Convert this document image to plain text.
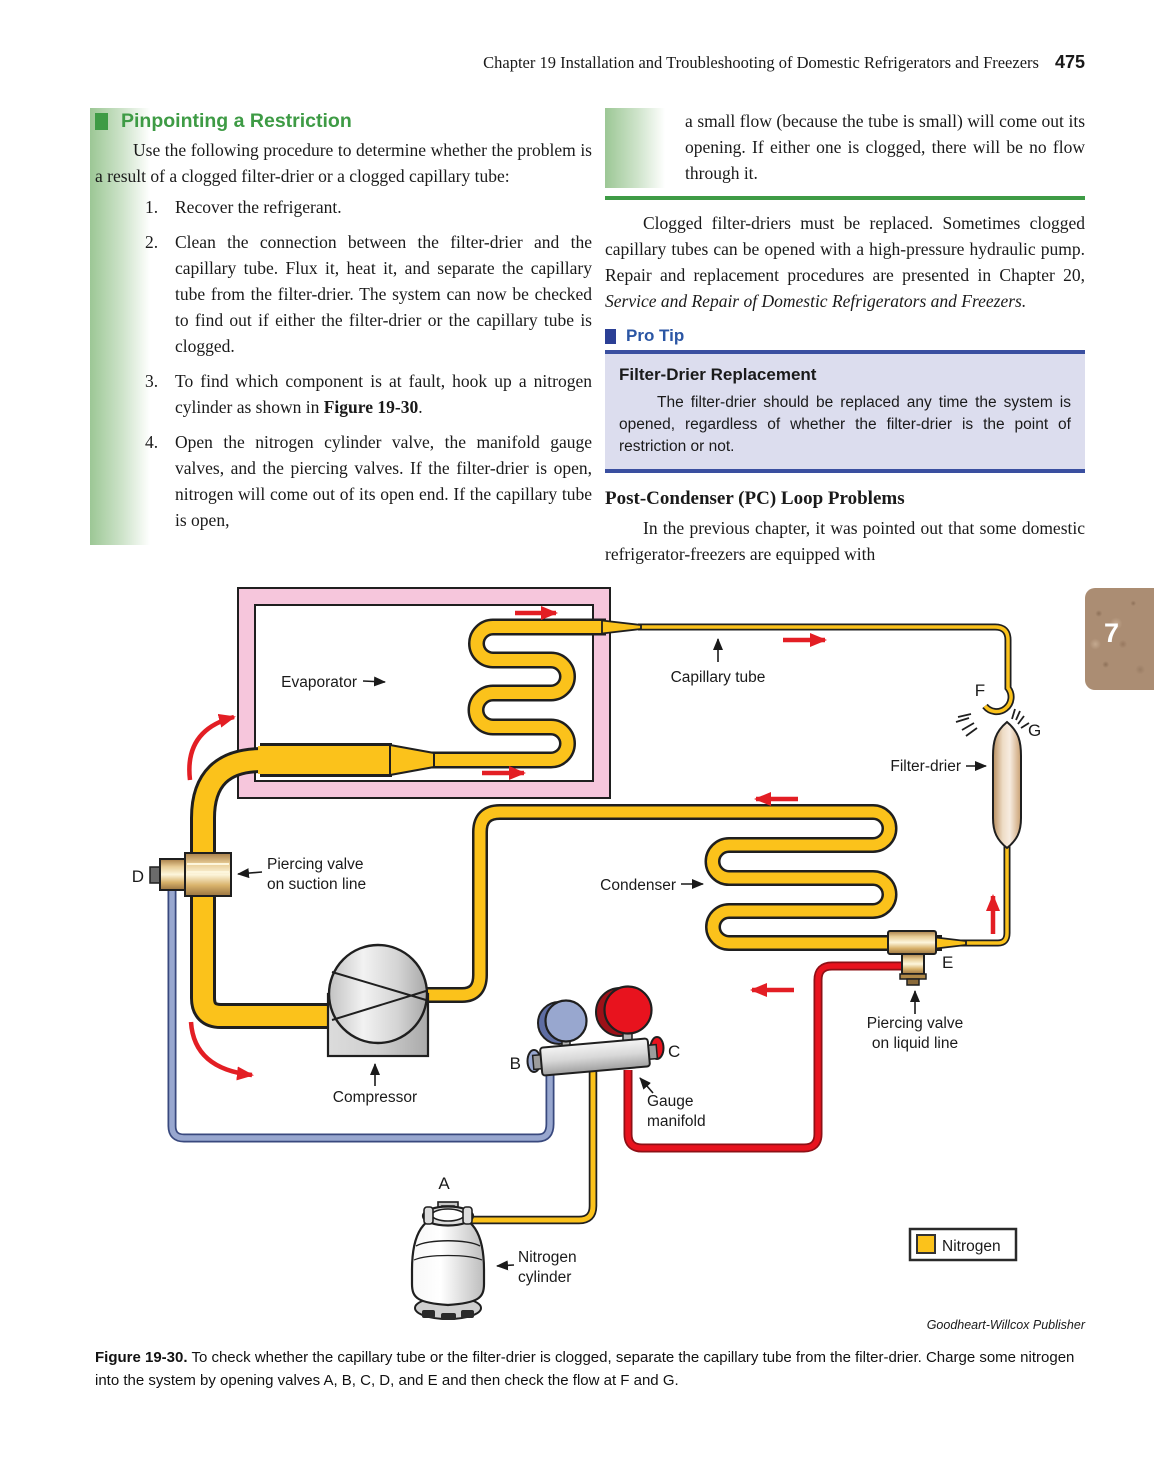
Chapter 19 Installation and Troubleshooting of Domestic Refrigerators and Freezers 475
Pinpointing a Restriction

Use the following procedure to determine whether the problem is a result of a clogged filter-drier or a clogged capillary tube:

1. Recover the refrigerant.
2. Clean the connection between the filter-drier and the capillary tube. Flux it, heat it, and separate the capillary tube from the filter-drier. The system can now be checked to find out if either the filter-drier or the capillary tube is clogged.
3. To find which component is at fault, hook up a nitrogen cylinder as shown in Figure 19-30.
4. Open the nitrogen cylinder valve, the manifold gauge valves, and the piercing valves. If the filter-drier is open, nitrogen will come out of its open end. If the capillary tube is open,

a small flow (because the tube is small) will come out its opening. If either one is clogged, there will be no flow through it.

Clogged filter-driers must be replaced. Sometimes clogged capillary tubes can be opened with a high-pressure hydraulic pump. Repair and replacement procedures are presented in Chapter 20, Service and Repair of Domestic Refrigerators and Freezers.

Pro Tip

Filter-Drier Replacement

The filter-drier should be replaced any time the system is opened, regardless of whether the filter-drier is the point of restriction or not.

Post-Condenser (PC) Loop Problems

In the previous chapter, it was pointed out that some domestic refrigerator-freezers are equipped with

7
Nitrogen
Evaporator	Capillary tube
Filter-drier
Piercing valve
on suction line	Condenser
Piercing valve
on liquid line
Compressor	Gauge
manifold
Nitrogen
cylinder
A
B
C
D
E
F
G
Goodheart-Willcox Publisher
Figure 19-30. To check whether the capillary tube or the filter-drier is clogged, separate the capillary tube from the filter-drier. Charge some nitrogen into the system by opening valves A, B, C, D, and E and then check the flow at F and G.
